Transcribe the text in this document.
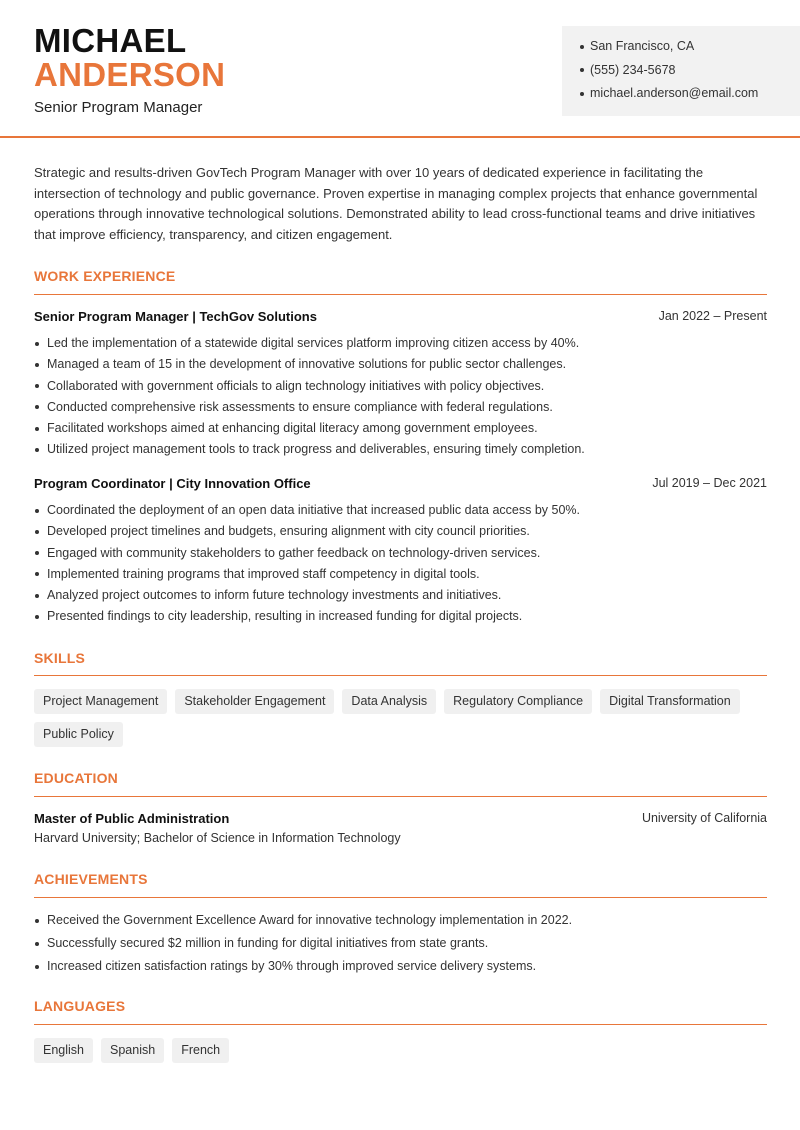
MICHAEL
ANDERSON
Senior Program Manager
San Francisco, CA
(555) 234-5678
michael.anderson@email.com
Strategic and results-driven GovTech Program Manager with over 10 years of dedicated experience in facilitating the intersection of technology and public governance. Proven expertise in managing complex projects that enhance governmental operations through innovative technological solutions. Demonstrated ability to lead cross-functional teams and drive initiatives that improve efficiency, transparency, and citizen engagement.
WORK EXPERIENCE
Senior Program Manager | TechGov Solutions	Jan 2022 – Present
Led the implementation of a statewide digital services platform improving citizen access by 40%.
Managed a team of 15 in the development of innovative solutions for public sector challenges.
Collaborated with government officials to align technology initiatives with policy objectives.
Conducted comprehensive risk assessments to ensure compliance with federal regulations.
Facilitated workshops aimed at enhancing digital literacy among government employees.
Utilized project management tools to track progress and deliverables, ensuring timely completion.
Program Coordinator | City Innovation Office	Jul 2019 – Dec 2021
Coordinated the deployment of an open data initiative that increased public data access by 50%.
Developed project timelines and budgets, ensuring alignment with city council priorities.
Engaged with community stakeholders to gather feedback on technology-driven services.
Implemented training programs that improved staff competency in digital tools.
Analyzed project outcomes to inform future technology investments and initiatives.
Presented findings to city leadership, resulting in increased funding for digital projects.
SKILLS
Project Management	Stakeholder Engagement	Data Analysis	Regulatory Compliance	Digital Transformation
Public Policy
EDUCATION
Master of Public Administration	University of California
Harvard University; Bachelor of Science in Information Technology
ACHIEVEMENTS
Received the Government Excellence Award for innovative technology implementation in 2022.
Successfully secured $2 million in funding for digital initiatives from state grants.
Increased citizen satisfaction ratings by 30% through improved service delivery systems.
LANGUAGES
English	Spanish	French
